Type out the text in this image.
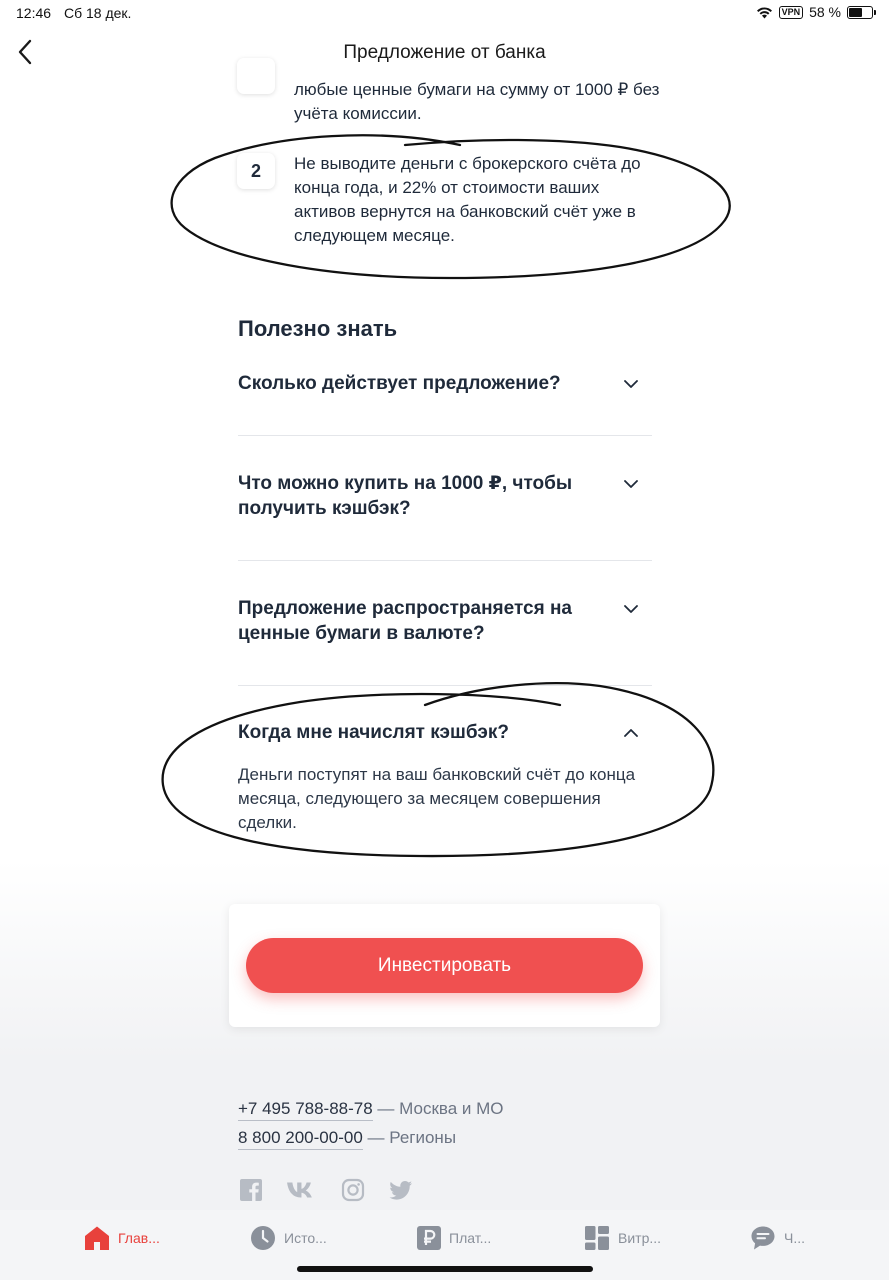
12:46 Сб 18 дек.	VPN 58 %
Предложение от банка
любые ценные бумаги на сумму от 1000 ₽ без учёта комиссии.
2	Не выводите деньги с брокерского счёта до конца года, и 22% от стоимости ваших активов вернутся на банковский счёт уже в следующем месяце.
Полезно знать
Сколько действует предложение?
Что можно купить на 1000 ₽, чтобы получить кэшбэк?
Предложение распространяется на ценные бумаги в валюте?
Когда мне начислят кэшбэк?
Деньги поступят на ваш банковский счёт до конца месяца, следующего за месяцем совершения сделки.
Инвестировать
+7 495 788-88-78 — Москва и МО
8 800 200-00-00 — Регионы
Глав...	Исто...	Плат...	Витр...	Ч...
